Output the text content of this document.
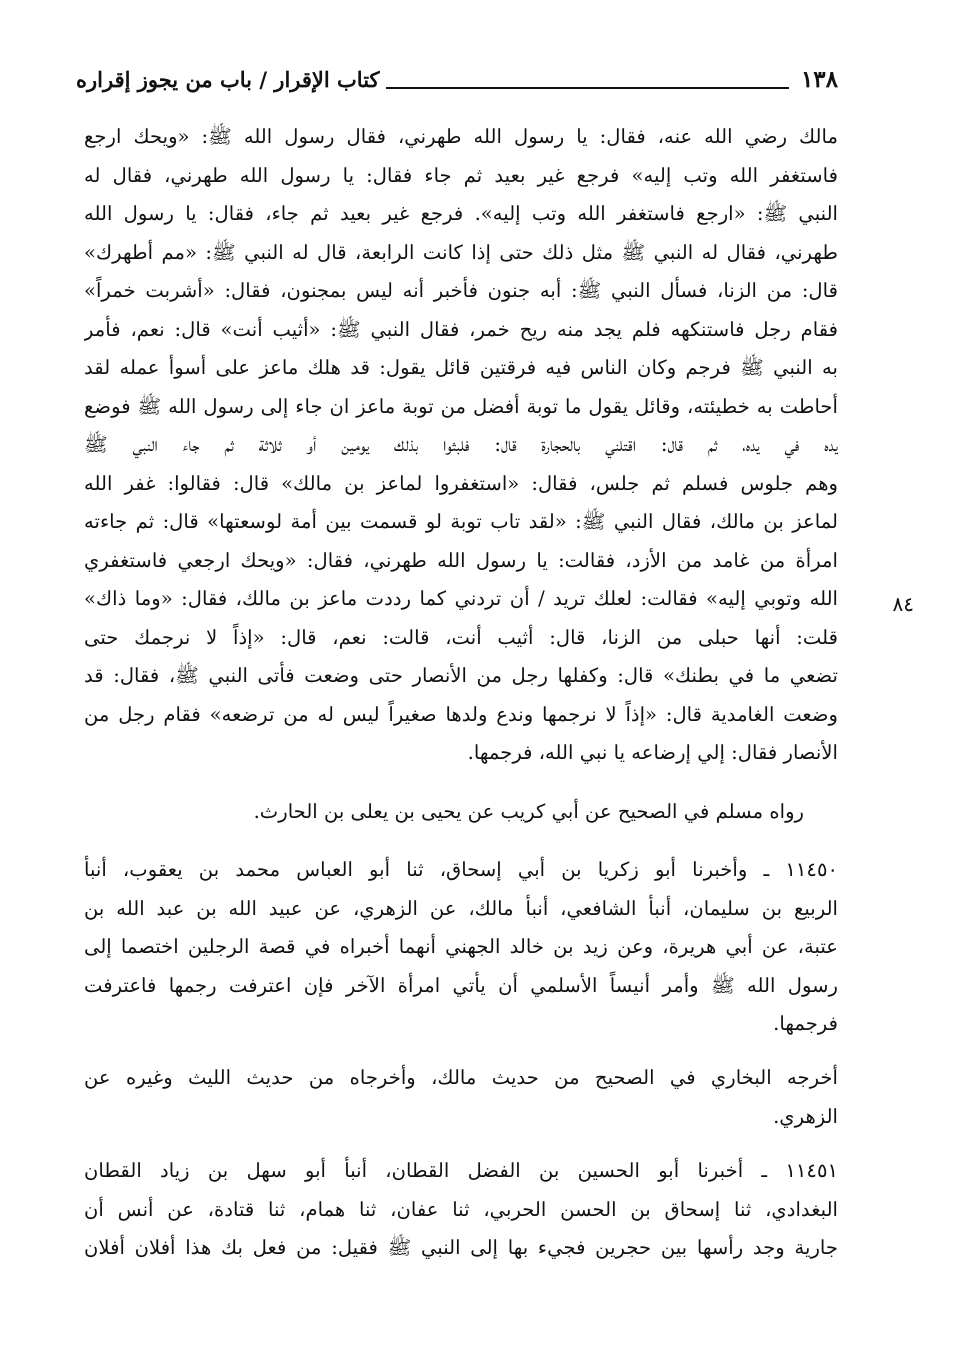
١٣٨
كتاب الإقرار / باب من يجوز إقراره
٨٤
مالك رضي الله عنه، فقال: يا رسول الله طهرني، فقال رسول الله ﷺ: «ويحك ارجع
فاستغفر الله وتب إليه» فرجع غير بعيد ثم جاء فقال: يا رسول الله طهرني، فقال له
النبي ﷺ: «ارجع فاستغفر الله وتب إليه». فرجع غير بعيد ثم جاء، فقال: يا رسول الله
طهرني، فقال له النبي ﷺ مثل ذلك حتى إذا كانت الرابعة، قال له النبي ﷺ: «مم أطهرك»
قال: من الزنا، فسأل النبي ﷺ: أبه جنون فأخبر أنه ليس بمجنون، فقال: «أشربت خمراً»
فقام رجل فاستنكهه فلم يجد منه ريح خمر، فقال النبي ﷺ: «أثيب أنت» قال: نعم، فأمر
به النبي ﷺ فرجم وكان الناس فيه فرقتين قائل يقول: قد هلك ماعز على أسوأ عمله لقد
أحاطت به خطيئته، وقائل يقول ما توبة أفضل من توبة ماعز ان جاء إلى رسول الله ﷺ فوضع
يده في يده، ثم قال: اقتلني بالحجارة قال: فلبثوا بذلك يومين أو ثلاثة ثم جاء النبي ﷺ
وهم جلوس فسلم ثم جلس، فقال: «استغفروا لماعز بن مالك» قال: فقالوا: غفر الله
لماعز بن مالك، فقال النبي ﷺ: «لقد تاب توبة لو قسمت بين أمة لوسعتها» قال: ثم جاءته
امرأة من غامد من الأزد، فقالت: يا رسول الله طهرني، فقال: «ويحك ارجعي فاستغفري
الله وتوبي إليه» فقالت: لعلك تريد / أن تردني كما رددت ماعز بن مالك، فقال: «وما ذاك»
قلت: أنها حبلى من الزنا، قال: أثيب أنت، قالت: نعم، قال: «إذاً لا نرجمك حتى
تضعي ما في بطنك» قال: وكفلها رجل من الأنصار حتى وضعت فأتى النبي ﷺ، فقال: قد
وضعت الغامدية قال: «إذاً لا نرجمها وندع ولدها صغيراً ليس له من ترضعه» فقام رجل من
الأنصار فقال: إلي إرضاعه يا نبي الله، فرجمها.
رواه مسلم في الصحيح عن أبي كريب عن يحيى بن يعلى بن الحارث.
١١٤٥٠ ـ وأخبرنا أبو زكريا بن أبي إسحاق، ثنا أبو العباس محمد بن يعقوب، أنبأ
الربيع بن سليمان، أنبأ الشافعي، أنبأ مالك، عن الزهري، عن عبيد الله بن عبد الله بن
عتبة، عن أبي هريرة، وعن زيد بن خالد الجهني أنهما أخبراه في قصة الرجلين اختصما إلى
رسول الله ﷺ وأمر أنيساً الأسلمي أن يأتي امرأة الآخر فإن اعترفت رجمها فاعترفت
فرجمها.
أخرجه البخاري في الصحيح من حديث مالك، وأخرجاه من حديث الليث وغيره عن
الزهري.
١١٤٥١ ـ أخبرنا أبو الحسين بن الفضل القطان، أنبأ أبو سهل بن زياد القطان
البغدادي، ثنا إسحاق بن الحسن الحربي، ثنا عفان، ثنا همام، ثنا قتادة، عن أنس أن
جارية وجد رأسها بين حجرين فجيء بها إلى النبي ﷺ فقيل: من فعل بك هذا أفلان أفلان
